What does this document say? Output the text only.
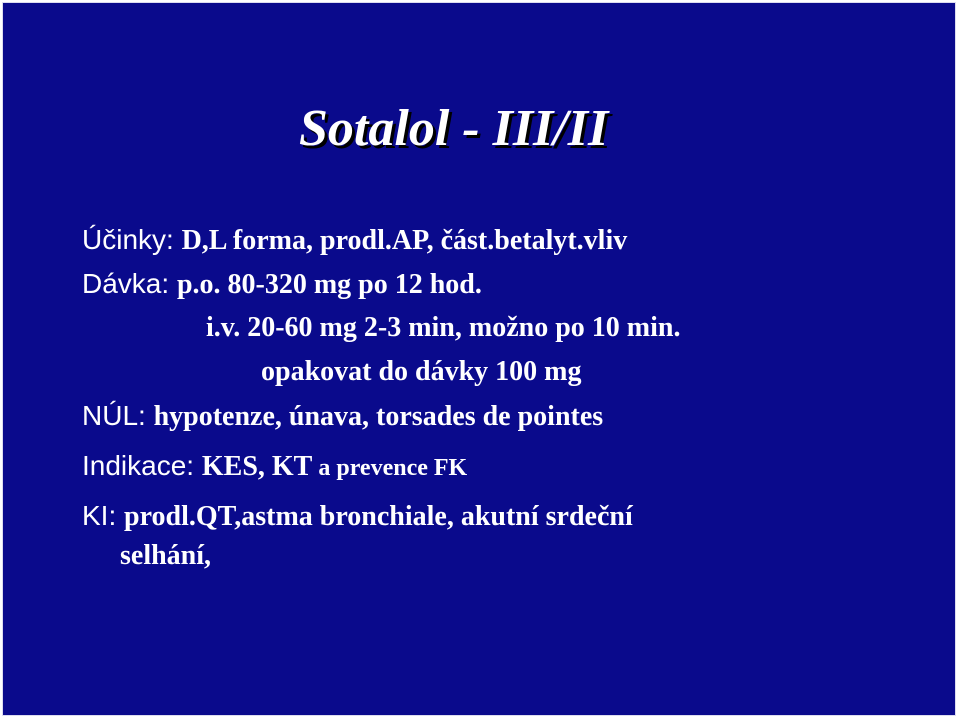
Sotalol - III/II
Účinky: D,L forma, prodl.AP, část.betalyt.vliv
Dávka: p.o. 80-320 mg po 12 hod.
i.v. 20-60 mg 2-3 min, možno po 10 min.
opakovat do dávky 100 mg
NÚL: hypotenze, únava, torsades de pointes
Indikace: KES, KT a prevence FK
KI: prodl.QT,astma bronchiale, akutní srdeční
selhání,
